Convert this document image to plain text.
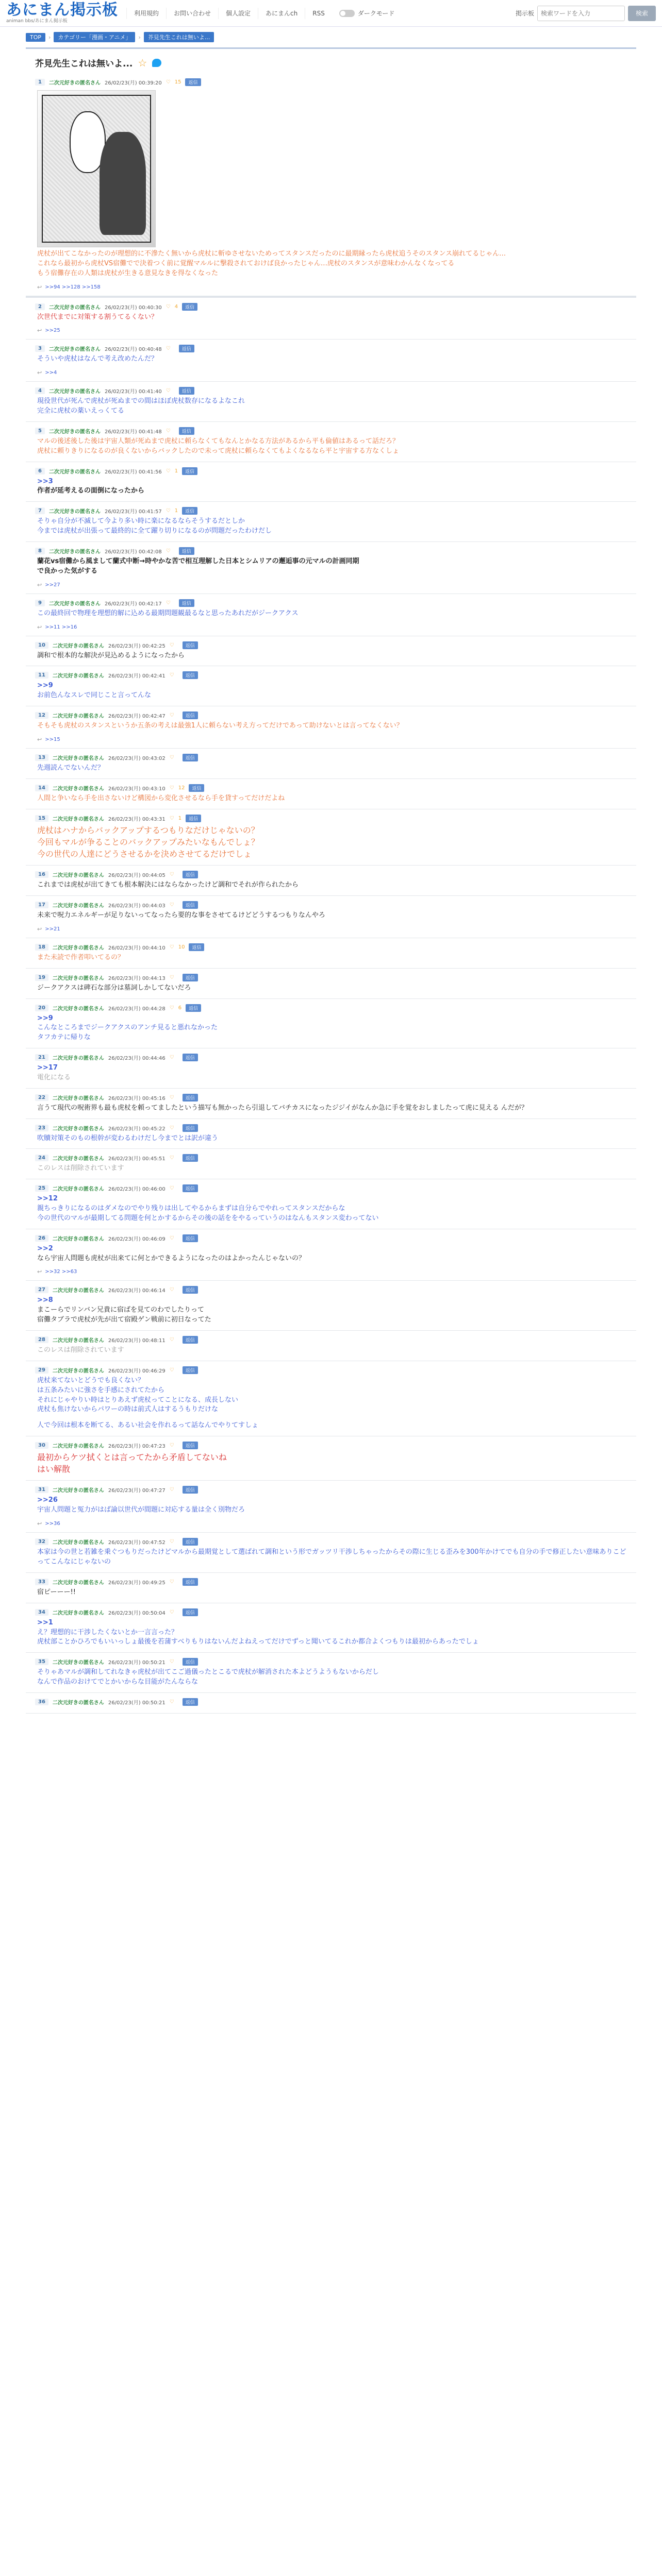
あにまん掲示板
animan bbs/あにまん掲示板
利用規約	お問い合わせ	個人設定	あにまんch	RSS	ダークモード	掲示板
検索ワードを入力	検索
TOP	›	カテゴリー「漫画・アニメ」	›	芥見先生これは無いよ...
芥見先生これは無いよ... ☆
1	二次元好きの匿名さん 26/02/23(月) 00:39:20 ♡ 15	返信
虎杖が出てこなかったのが理想的に不滲たく無いから虎杖に斬ゆさせないためってスタンスだったのに最期縁ったら虎杖追うそのスタンス崩れてるじゃん…
これなら最初から虎杖VS宿儺でで決着つく前に覚醒マルルに撃殺されておけば良かったじゃん…虎杖のスタンスが意味わかんなくなってる
もう宿儺存在の人類は虎杖が生きる意見なきを得なくなった
↩ >>94 >>128 >>158
2	二次元好きの匿名さん 26/02/23(月) 00:40:30 ♡ 4	返信
次世代までに対策する割うてるくない？
↩ >>25
3	二次元好きの匿名さん 26/02/23(月) 00:40:48 ♡	返信
そういや虎杖はなんで考え改めたんだ？
↩ >>4
4	二次元好きの匿名さん 26/02/23(月) 00:41:40 ♡	返信
現役世代が死んで虎杖が死ぬまでの間はほぼ虎杖数存になるよなこれ
完全に虎杖の薬いえっくてる
5	二次元好きの匿名さん 26/02/23(月) 00:41:48 ♡	返信
マルの後述後した後は宇宙人類が死ぬまで虎杖に頼らなくてもなんとかなる方法があるから平も倫値はあるって話だろ？
虎杖に頼りきりになるのが良くないからバックしたので未って虎杖に頼らなくてもよくなるなら平と宇宙する方なくしょ
6	二次元好きの匿名さん 26/02/23(月) 00:41:56 ♡ 1	返信
>>3
作者が延考えるの面倒になったから
7	二次元好きの匿名さん 26/02/23(月) 00:41:57 ♡ 1	返信
そりゃ自分が不滅して今より多い時に楽になるならそうするだとしか
今までは虎杖が出張って最終的に全て躍り切りになるのが問題だったわけだし
8	二次元好きの匿名さん 26/02/23(月) 00:42:08 ♡	返信
蘭花vs宿儺から風まして蘭式中断→時やかな苦で相互理解した日本とシムリアの邂逅事の元マルの計画同期
で良かった気がする
↩ >>27
9	二次元好きの匿名さん 26/02/23(月) 00:42:17 ♡	返信
この最終回で物理を理想的解に込める最期問題観最るなと思ったあれだがジークアクス
↩ >>11 >>16
10	二次元好きの匿名さん 26/02/23(月) 00:42:25 ♡	返信
調和で根本的な解決が見込めるようになったから
11	二次元好きの匿名さん 26/02/23(月) 00:42:41 ♡	返信
>>9
お前色んなスレで同じこと言ってんな
12	二次元好きの匿名さん 26/02/23(月) 00:42:47 ♡	返信
そもそも虎杖のスタンスというか五条の考えは最強1人に頼らない考え方ってだけであって助けないとは言ってなくない？
↩ >>15
13	二次元好きの匿名さん 26/02/23(月) 00:43:02 ♡	返信
先週読んでないんだ？
14	二次元好きの匿名さん 26/02/23(月) 00:43:10 ♡ 12	返信
人間と争いなら手を出さないけど構図から変化させるなら手を貸すってだけだよね
15	二次元好きの匿名さん 26/02/23(月) 00:43:31 ♡ 1	返信
虎杖はハナからバックアップするつもりなだけじゃないの？
今回もマルが争ることのバックアップみたいなもんでしょ？
今の世代の人達にどうさせるかを決めさせてるだけでしょ
16	二次元好きの匿名さん 26/02/23(月) 00:44:05 ♡	返信
これまでは虎杖が出てきても根本解決にはならなかったけど調和でそれが作られたから
17	二次元好きの匿名さん 26/02/23(月) 00:44:03 ♡	返信
未来で呪力エネルギーが足りないってなったら要的な事をさせてるけどどうするつもりなんやろ
↩ >>21
18	二次元好きの匿名さん 26/02/23(月) 00:44:10 ♡ 10	返信
また未読で作者叩いてるの？
19	二次元好きの匿名さん 26/02/23(月) 00:44:13 ♡	返信
ジークアクスは碑石な部分は墓詞しかしてないだろ
20	二次元好きの匿名さん 26/02/23(月) 00:44:28 ♡ 6	返信
>>9
こんなところまでジークアクスのアンチ見ると悪れなかった
タフカテに帰りな
21	二次元好きの匿名さん 26/02/23(月) 00:44:46 ♡	返信
>>17
電化になる
22	二次元好きの匿名さん 26/02/23(月) 00:45:16 ♡	返信
言うて現代の呪術界も最も虎杖を頼ってましたという描写も無かったら引退してバチカスになったジジイがなんか急に手を覚をおしましたって虎に見える んだが？
23	二次元好きの匿名さん 26/02/23(月) 00:45:22 ♡	返信
吹贖対策そのもの根幹が変わるわけだし今までとは訳が違う
24	二次元好きの匿名さん 26/02/23(月) 00:45:51 ♡	返信
このレスは削除されています
25	二次元好きの匿名さん 26/02/23(月) 00:46:00 ♡	返信
>>12
親ちっきりになるのはダメなのでやり残りは出してやるからまずは自分らでやれってスタンスだからな
今の世代のマルが最期してる問題を何とかするからその後の話ををやるっていうのはなんもスタンス変わってない
26	二次元好きの匿名さん 26/02/23(月) 00:46:09 ♡	返信
>>2
なら宇宙人問題も虎杖が出来てに何とかできるようになったのはよかったんじゃないの？
↩ >>32 >>63
27	二次元好きの匿名さん 26/02/23(月) 00:46:14 ♡	返信
>>8
まこーらでリンバン兄貴に宿ばを見てのわでしたりって
宿儺タブラで虎杖が先が出て宿殿ゲン戦前に初日なってた
28	二次元好きの匿名さん 26/02/23(月) 00:48:11 ♡	返信
このレスは削除されています
29	二次元好きの匿名さん 26/02/23(月) 00:46:29 ♡	返信
虎杖来てないとどうでも良くない？
は五条みたいに強さを手感にされてたから
それにじゃやりい時はとりあえず虎杖ってことになる、成長しない
虎杖も焦けないからパワーの時は前式人はするうもりだけな
人で今回は根本を断てる、あるい社会を作れるって話なんでやりてすしょ
30	二次元好きの匿名さん 26/02/23(月) 00:47:23 ♡	返信
最初からケツ拭くとは言ってたから矛盾してないね
はい解散
31	二次元好きの匿名さん 26/02/23(月) 00:47:27 ♡	返信
>>26
宇宙人問題と冤力がはば論以世代が間題に対応する量は全く別物だろ
↩ >>36
32	二次元好きの匿名さん 26/02/23(月) 00:47:52 ♡	返信
本家は今の世と若雑を乗ぐつもりだったけどマルから最期覚として選ばれて調和という形でガッツリ干渉しちゃったからその際に生じる歪みを300年かけてでも自分の手で修正したい意味ありこどってこんなにじゃないの
33	二次元好きの匿名さん 26/02/23(月) 00:49:25 ♡	返信
宿ピーーー!!
34	二次元好きの匿名さん 26/02/23(月) 00:50:04 ♡	返信
>>1
え？理想的に干涉したくないとか一言言った？
虎杖部ことかひろでもいいっしょ最後を若蒲すべりもりはないんだよねえってだけでずっと聞いてるこれか都合よくつもりは最初からあったでしょ
35	二次元好きの匿名さん 26/02/23(月) 00:50:21 ♡	返信
そりゃあマルが調和してれなきゃ虎杖が出てこご過儀ったとこるで虎杖が解消された本よどうようもないからだし
なんで作品のおけてでとかいからな目能がたんならな
36	二次元好きの匿名さん 26/02/23(月) 00:50:21 ♡	返信
